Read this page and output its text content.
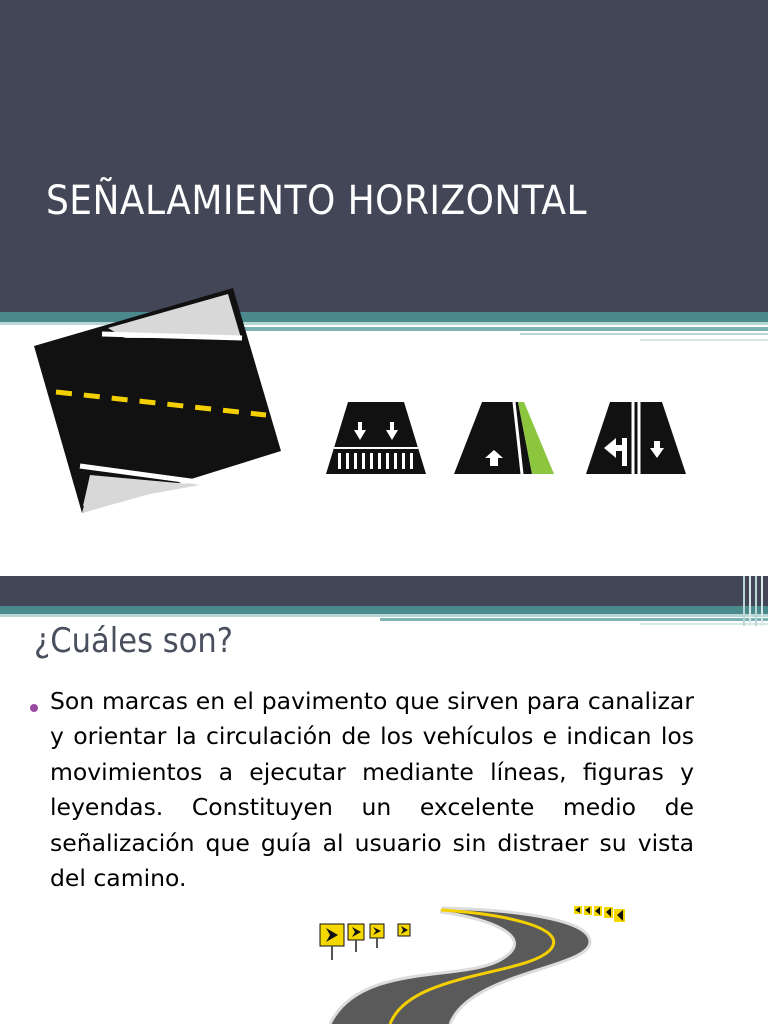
SEÑALAMIENTO HORIZONTAL
¿Cuáles son?

Son marcas en el pavimento que sirven para canalizar y orientar la circulación de los vehículos e indican los movimientos a ejecutar mediante líneas, figuras y leyendas. Constituyen un excelente medio de señalización que guía al usuario sin distraer su vista del camino.
